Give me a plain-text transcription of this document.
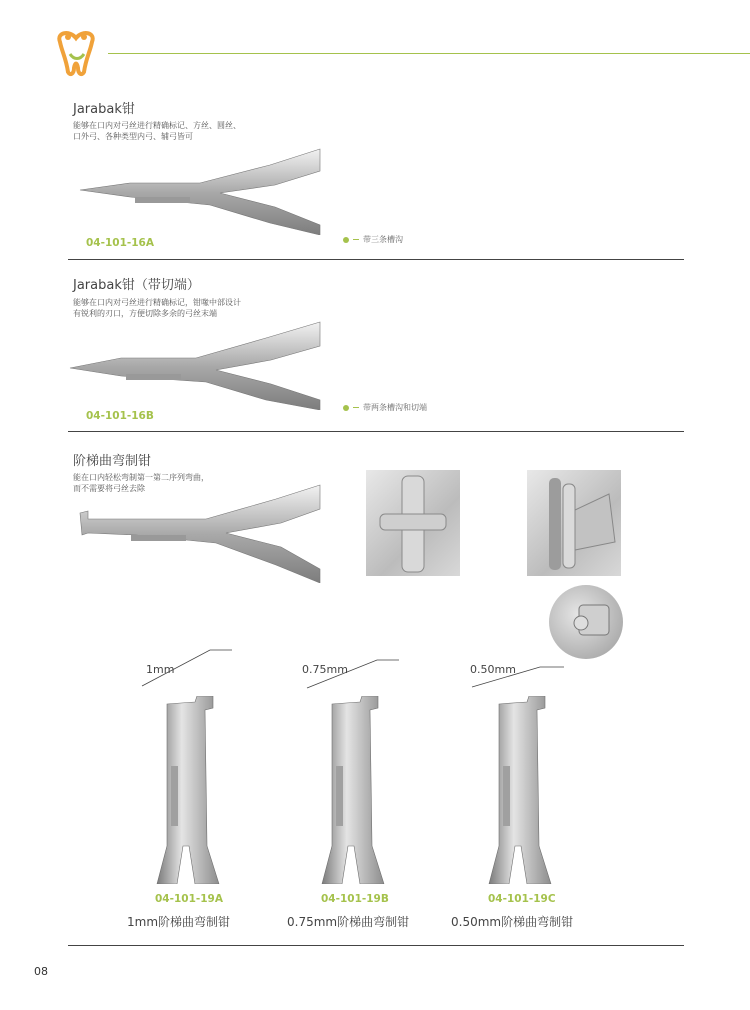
Jarabak钳
能够在口内对弓丝进行精确标记、方丝、圆丝、
口外弓、各种类型内弓、辅弓皆可
04-101-16A	带三条槽沟
Jarabak钳（带切端）
能够在口内对弓丝进行精确标记，钳喙中部设计
有锐利的刃口，方便切除多余的弓丝末端
04-101-16B
带两条槽沟和切端
阶梯曲弯制钳
能在口内轻松弯制第一第二序列弯曲，
而不需要将弓丝去除
1mm	0.75mm	0.50mm
04-101-19A	04-101-19B	04-101-19C
1mm阶梯曲弯制钳	0.75mm阶梯曲弯制钳	0.50mm阶梯曲弯制钳
08
